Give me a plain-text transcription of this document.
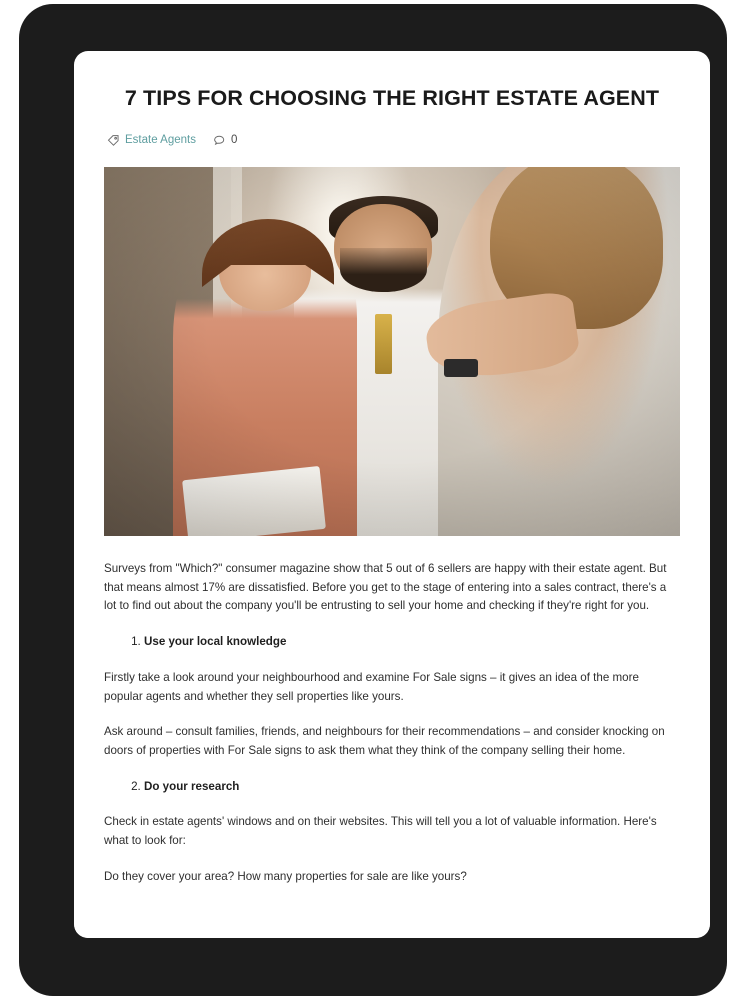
7 TIPS FOR CHOOSING THE RIGHT ESTATE AGENT
Estate Agents	0

Surveys from "Which?" consumer magazine show that 5 out of 6 sellers are happy with their estate agent. But that means almost 17% are dissatisfied. Before you get to the stage of entering into a sales contract, there's a lot to find out about the company you'll be entrusting to sell your home and checking if they're right for you.

1. Use your local knowledge

Firstly take a look around your neighbourhood and examine For Sale signs – it gives an idea of the more popular agents and whether they sell properties like yours.

Ask around – consult families, friends, and neighbours for their recommendations – and consider knocking on doors of properties with For Sale signs to ask them what they think of the company selling their home.

2. Do your research

Check in estate agents' windows and on their websites. This will tell you a lot of valuable information. Here's what to look for:

Do they cover your area? How many properties for sale are like yours?
